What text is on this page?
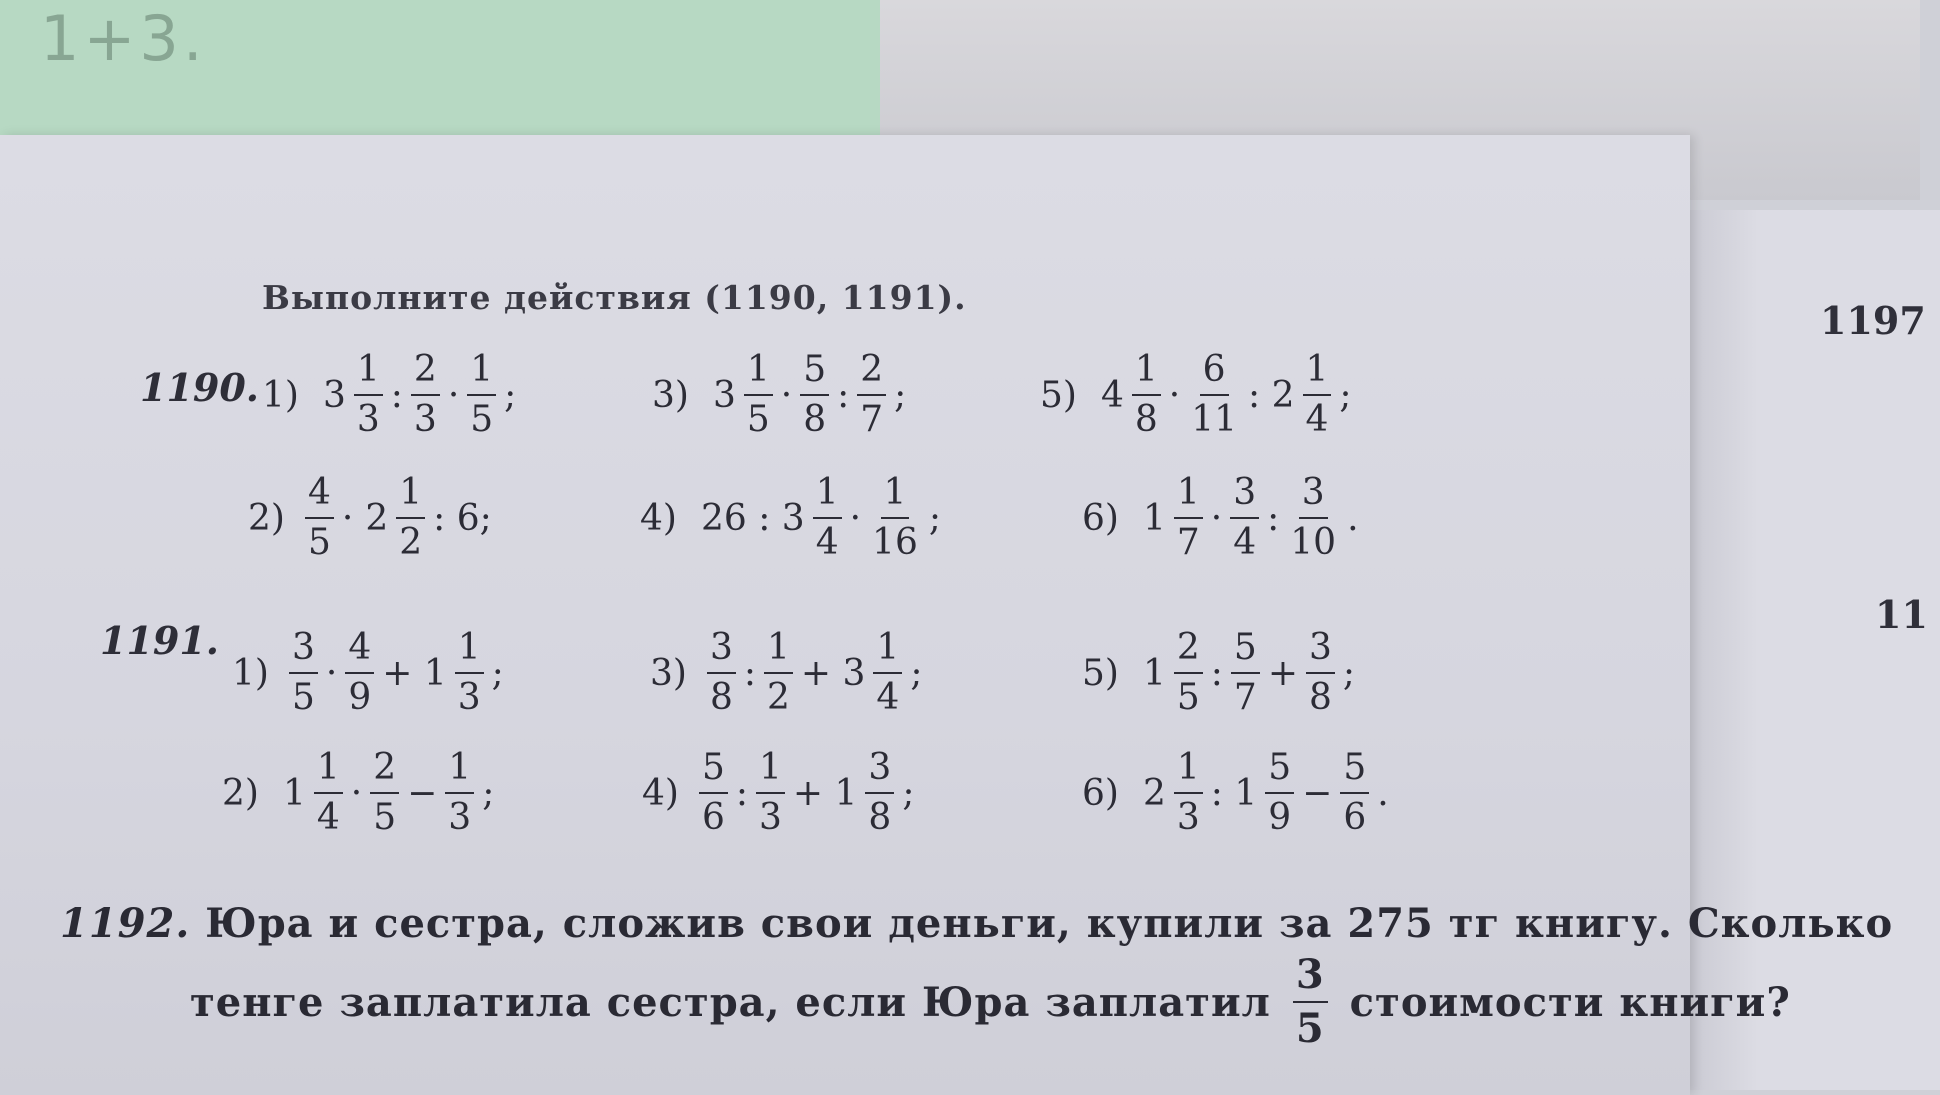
1+3.
1197
11
Выполните действия (1190, 1191).
1190.
1191.
1) $3 \frac{1}{3}$ : $\frac{2}{3} \cdot \frac{1}{5}$ ;	3) $3 \frac{1}{5} \cdot \frac{5}{8}$ : $\frac{2}{7}$ ;	5) $4 \frac{1}{8} \cdot \frac{6}{11}$ : $2 \frac{1}{4}$ ;
$2) \frac{4}{5} \cdot 2 \frac{1}{2}$ : 6;	4) 26 : $3 \frac{1}{4} \cdot \frac{1}{16}$ ;	6) $1 \frac{1}{7} \cdot \frac{3}{4}$ : $\frac{3}{10}$ .
$1) \frac{3}{5} \cdot \frac{4}{9} + 1 \frac{1}{3}$ ;	$3) \frac{3}{8}$ : $\frac{1}{2} + 3 \frac{1}{4}$ ;	5) $1 \frac{2}{5}$ : $\frac{5}{7} + \frac{3}{8}$ ;
2) $1 \frac{1}{4} \cdot \frac{2}{5} - \frac{1}{3}$ ;	$4) \frac{5}{6}$ : $\frac{1}{3} + 1 \frac{3}{8}$ ;	6) $2 \frac{1}{3}$ : $1 \frac{5}{9} - \frac{5}{6}$ .
1192. Юра и сестра, сложив свои деньги, купили за 275 тг книгу. Сколько
тенге заплатила сестра, если Юра заплатил $\frac{3}{5}$ стоимости книги?
